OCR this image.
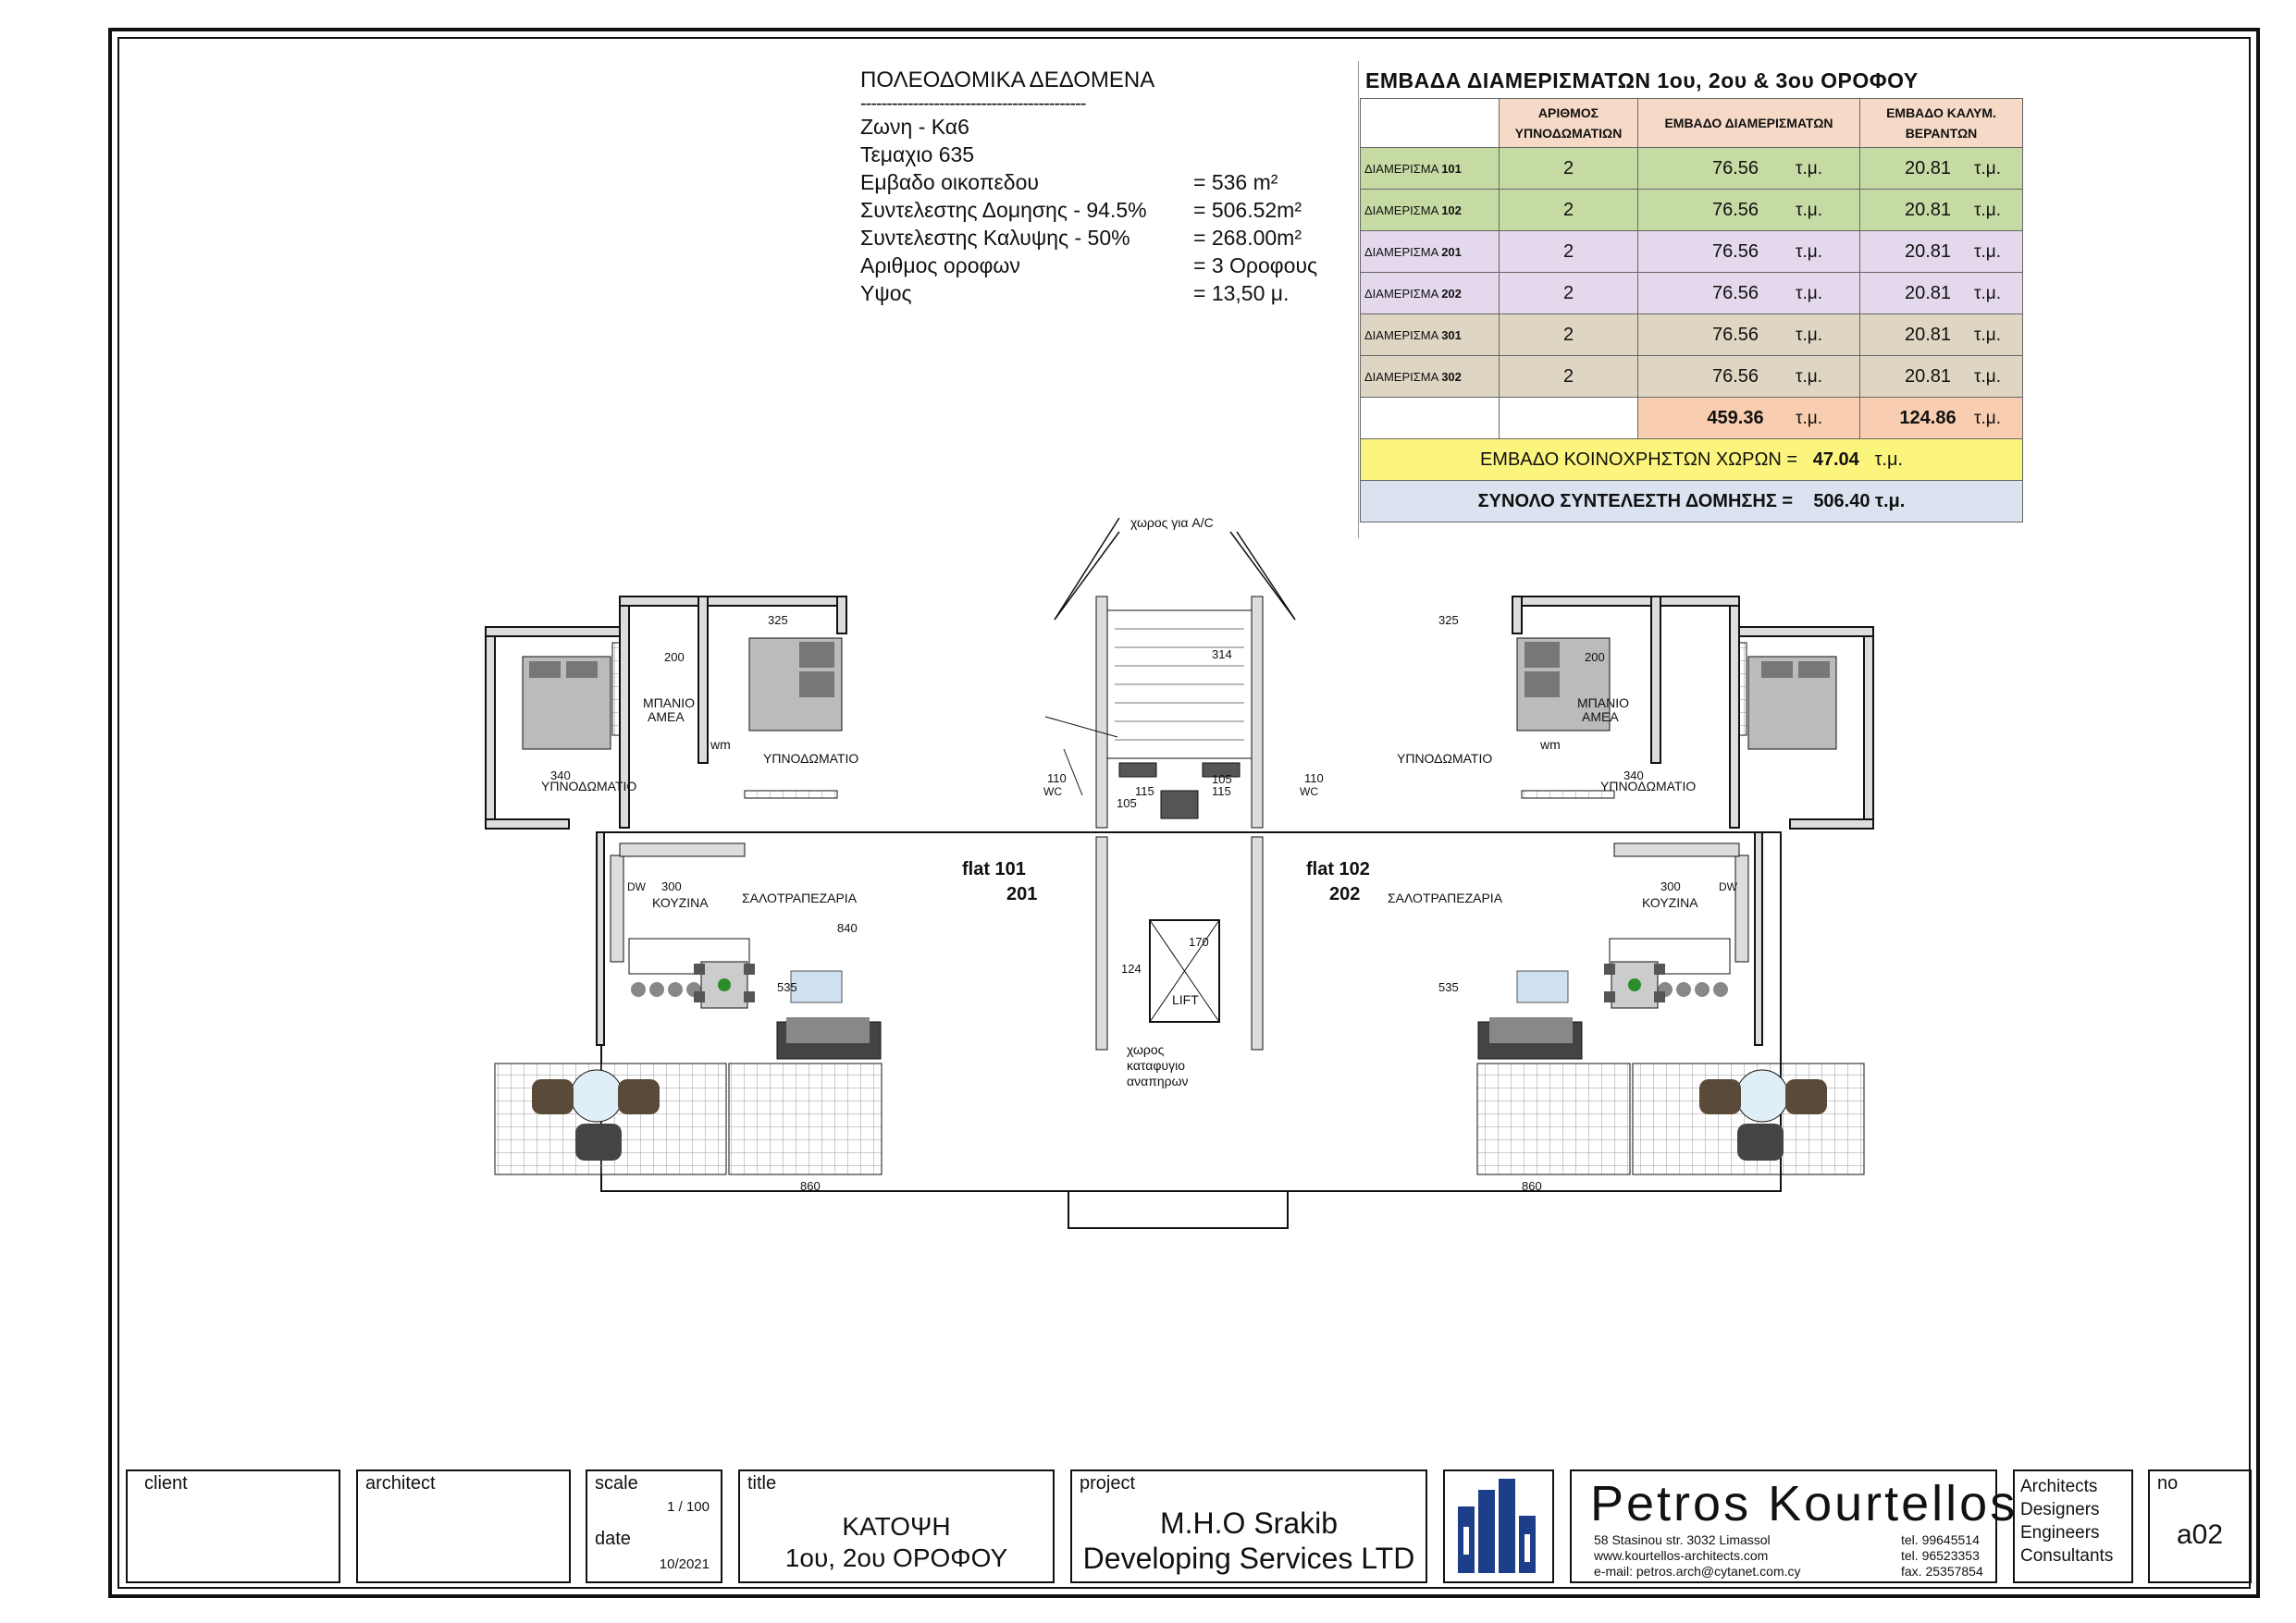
ΠΟΛΕΟΔΟΜΙΚΑ ΔΕΔΟΜΕΝΑ
-------------------------------------------
Ζωνη - Κα6
Τεμαχιο 635
Εμβαδο οικοπεδου	= 536 m²
Συντελεστης Δομησης - 94.5%	= 506.52m²
Συντελεστης Καλυψης - 50%	= 268.00m²
Αριθμος οροφων	= 3 Οροφους
Υψος	= 13,50 μ.
ΕΜΒΑΔΑ ΔΙΑΜΕΡΙΣΜΑΤΩΝ 1ου, 2ου & 3ου ΟΡΟΦΟΥ
	ΑΡΙΘΜΟΣ ΥΠΝΟΔΩΜΑΤΙΩΝ	ΕΜΒΑΔΟ ΔΙΑΜΕΡΙΣΜΑΤΩΝ	ΕΜΒΑΔΟ ΚΑΛΥΜ. ΒΕΡΑΝΤΩΝ
ΔΙΑΜΕΡΙΣΜΑ 101	2	76.56 τ.μ.	20.81 τ.μ.
ΔΙΑΜΕΡΙΣΜΑ 102	2	76.56 τ.μ.	20.81 τ.μ.
ΔΙΑΜΕΡΙΣΜΑ 201	2	76.56 τ.μ.	20.81 τ.μ.
ΔΙΑΜΕΡΙΣΜΑ 202	2	76.56 τ.μ.	20.81 τ.μ.
ΔΙΑΜΕΡΙΣΜΑ 301	2	76.56 τ.μ.	20.81 τ.μ.
ΔΙΑΜΕΡΙΣΜΑ 302	2	76.56 τ.μ.	20.81 τ.μ.
		459.36 τ.μ.	124.86 τ.μ.
ΕΜΒΑΔΟ ΚΟΙΝΟΧΡΗΣΤΩΝ ΧΩΡΩΝ = 47.04 τ.μ.			
ΣΥΝΟΛΟ ΣΥΝΤΕΛΕΣΤΗ ΔΟΜΗΣΗΣ = 506.40 τ.μ.			
χωρος για A/C
ΥΠΝΟΔΩΜΑΤΙΟ
ΥΠΝΟΔΩΜΑΤΙΟ
ΜΠΑΝΙΟ
ΑΜΕΑ
wm
WC
DW
ΚΟΥΖΙΝΑ	ΣΑΛΟΤΡΑΠΕΖΑΡΙΑ
flat 101
201
ΥΠΝΟΔΩΜΑΤΙΟ
ΥΠΝΟΔΩΜΑΤΙΟ
ΜΠΑΝΙΟ
ΑΜΕΑ
wm
WC
DW
ΚΟΥΖΙΝΑ
ΣΑΛΟΤΡΑΠΕΖΑΡΙΑ
flat 102
202
LIFT
χωρος
καταφυγιο
αναπηρων
325	325
200	200
340	340
314
105
115	115
105
110	110
300	300
840
535	535
170
124
860	860
client	architect	scale
1 / 100
date
10/2021
title
ΚΑΤΟΨΗ
1ου, 2ου ΟΡΟΦΟΥ
project
M.H.O Srakib
Developing Services LTD
Petros Kourtellos
58 Stasinou str. 3032 Limassol
www.kourtellos-architects.com
e-mail: petros.arch@cytanet.com.cy
tel. 99645514
tel. 96523353
fax. 25357854
Architects
Designers
Engineers
Consultants
no
a02
